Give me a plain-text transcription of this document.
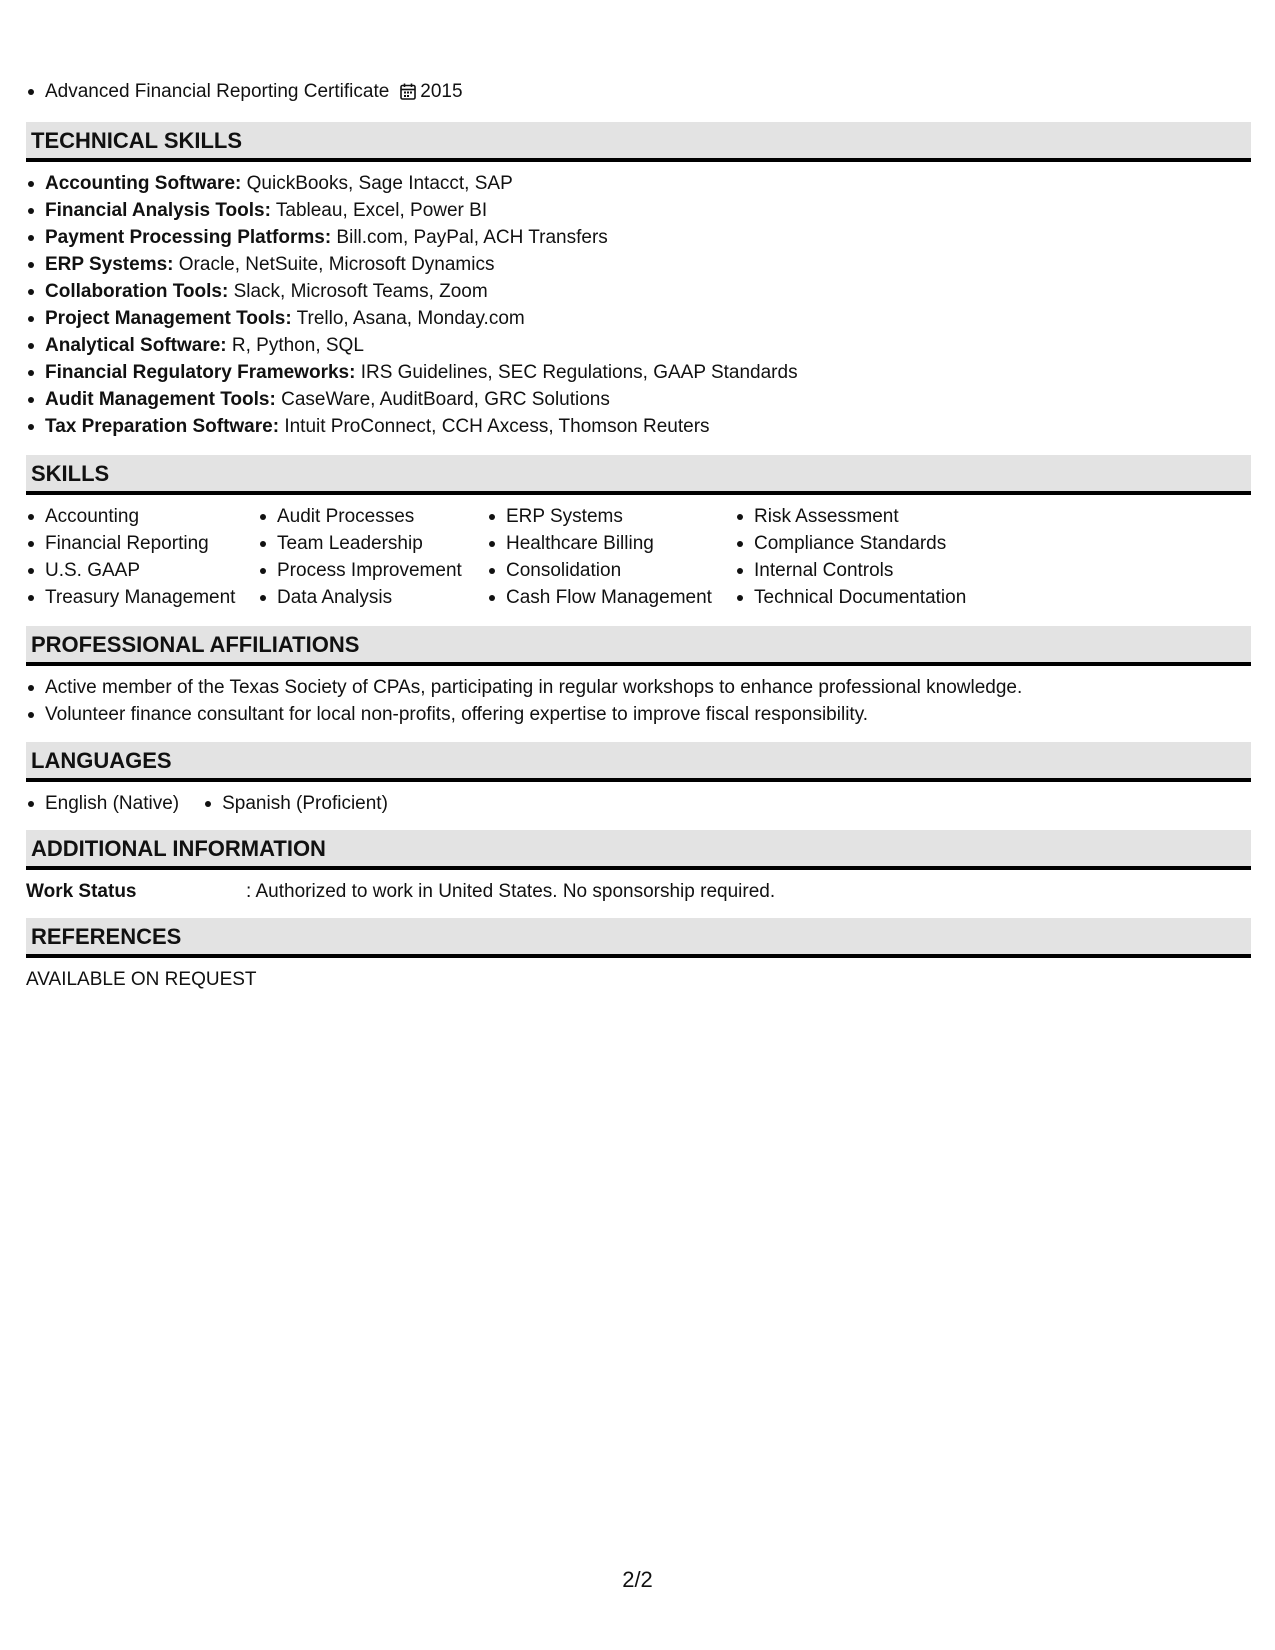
Advanced Financial Reporting Certificate 2015
TECHNICAL SKILLS
Accounting Software: QuickBooks, Sage Intacct, SAP
Financial Analysis Tools: Tableau, Excel, Power BI
Payment Processing Platforms: Bill.com, PayPal, ACH Transfers
ERP Systems: Oracle, NetSuite, Microsoft Dynamics
Collaboration Tools: Slack, Microsoft Teams, Zoom
Project Management Tools: Trello, Asana, Monday.com
Analytical Software: R, Python, SQL
Financial Regulatory Frameworks: IRS Guidelines, SEC Regulations, GAAP Standards
Audit Management Tools: CaseWare, AuditBoard, GRC Solutions
Tax Preparation Software: Intuit ProConnect, CCH Axcess, Thomson Reuters
SKILLS
Accounting
Financial Reporting
U.S. GAAP
Treasury Management
Audit Processes
Team Leadership
Process Improvement
Data Analysis
ERP Systems
Healthcare Billing
Consolidation
Cash Flow Management
Risk Assessment
Compliance Standards
Internal Controls
Technical Documentation
PROFESSIONAL AFFILIATIONS
Active member of the Texas Society of CPAs, participating in regular workshops to enhance professional knowledge.
Volunteer finance consultant for local non-profits, offering expertise to improve fiscal responsibility.
LANGUAGES
English (Native)	Spanish (Proficient)
ADDITIONAL INFORMATION
Work Status	: Authorized to work in United States. No sponsorship required.
REFERENCES
AVAILABLE ON REQUEST
2/2
